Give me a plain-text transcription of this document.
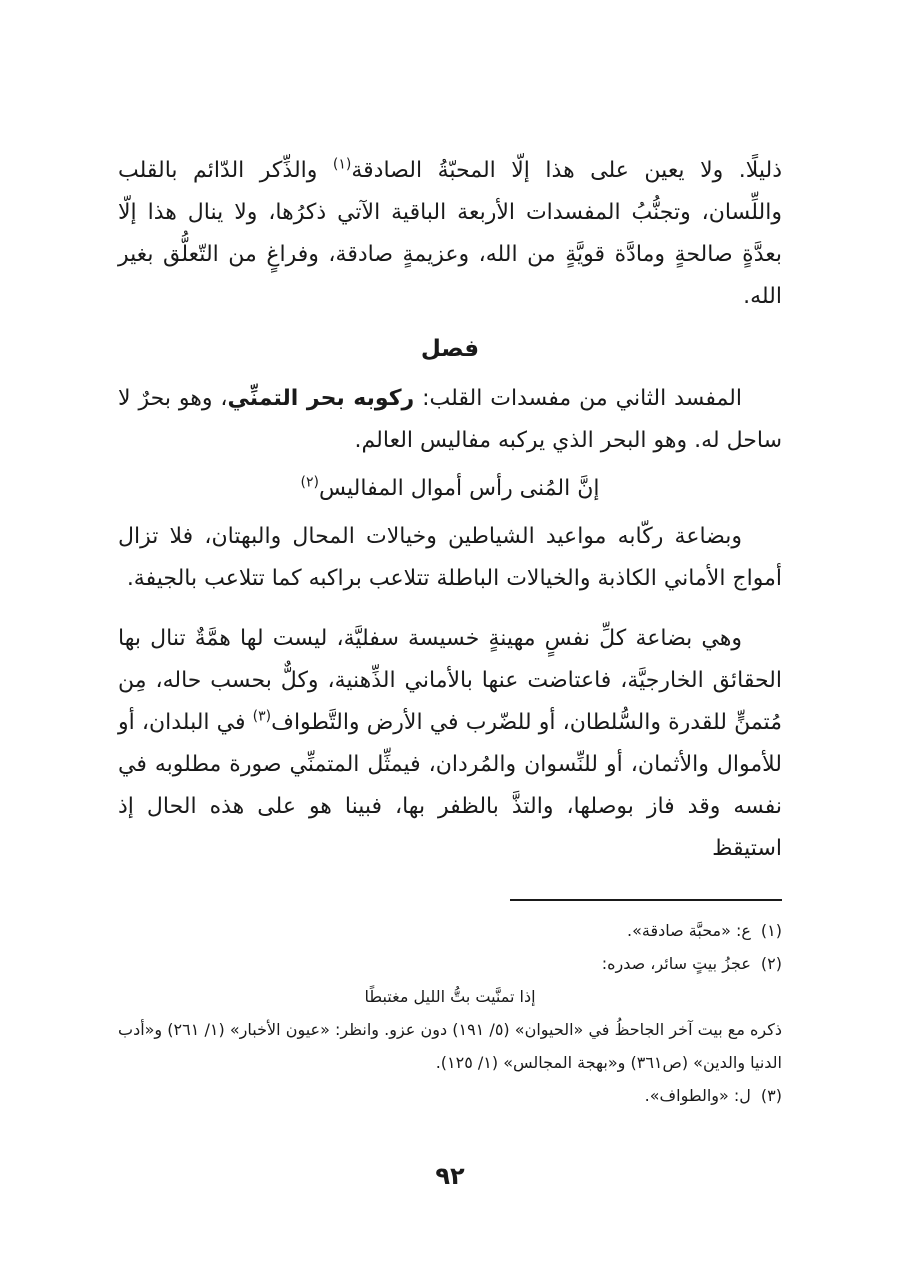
ذليلًا. ولا يعين على هذا إلّا المحبّةُ الصادقة$^{(١)}$ والذِّكر الدّائم بالقلب واللِّسان، وتجنُّبُ المفسدات الأربعة الباقية الآتي ذكرُها، ولا ينال هذا إلّا بعدَّةٍ صالحةٍ ومادَّة قويَّةٍ من الله، وعزيمةٍ صادقة، وفراغٍ من التّعلُّق بغير الله.

فصل

المفسد الثاني من مفسدات القلب: ركوبه بحر التمنِّي، وهو بحرٌ لا ساحل له. وهو البحر الذي يركبه مفاليس العالم.

إنَّ المُنى رأس أموال المفاليس$^{(٢)}$

وبضاعة ركّابه مواعيد الشياطين وخيالات المحال والبهتان، فلا تزال أمواج الأماني الكاذبة والخيالات الباطلة تتلاعب براكبه كما تتلاعب بالجيفة.

وهي بضاعة كلِّ نفسٍ مهينةٍ خسيسة سفليَّة، ليست لها همَّةٌ تنال بها الحقائق الخارجيَّة، فاعتاضت عنها بالأماني الذِّهنية، وكلٌّ بحسب حاله، مِن مُتمنٍّ للقدرة والسُّلطان، أو للضّرب في الأرض والتَّطواف$^{(٣)}$ في البلدان، أو للأموال والأثمان، أو للنِّسوان والمُردان، فيمثِّل المتمنِّي صورة مطلوبه في نفسه وقد فاز بوصلها، والتذَّ بالظفر بها، فبينا هو على هذه الحال إذ استيقظ

(١)ع: «محبَّة صادقة».

(٢)عجزُ بيتٍ سائر، صدره:

إذا تمنَّيت بتُّ الليل مغتبطًا

ذكره مع بيت آخر الجاحظُ في «الحيوان» (٥/ ١٩١) دون عزو. وانظر: «عيون الأخبار» (١/ ٢٦١) و«أدب الدنيا والدين» (ص٣٦١) و«بهجة المجالس» (١/ ١٢٥).

(٣)ل: «والطواف».

٩٢
